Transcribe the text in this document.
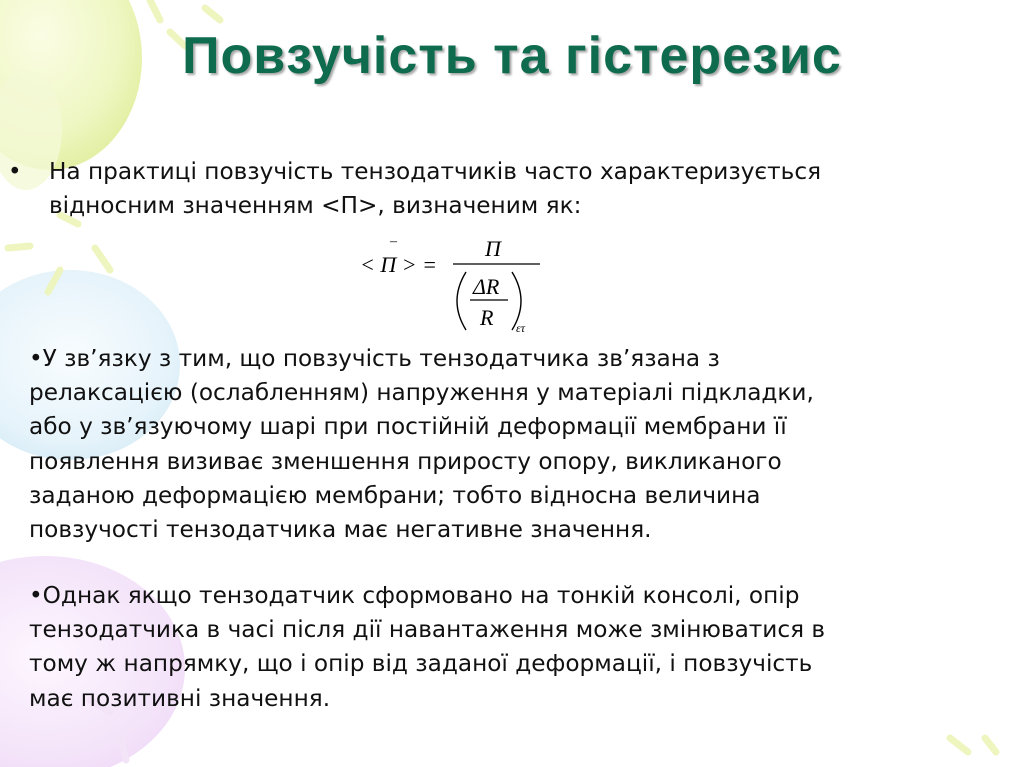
Повзучість та гістерезис
• На практиці повзучість тензодатчиків часто характеризується
відносним значенням <П>, визначеним як:
–
< П > =
П
ΔR
R ετ
•У зв’язку з тим, що повзучість тензодатчика зв’язана з
релаксацією (ослабленням) напруження у матеріалі підкладки,
або у зв’язуючому шарі при постійній деформації мембрани її
появлення визиває зменшення приросту опору, викликаного
заданою деформацією мембрани; тобто відносна величина
повзучості тензодатчика має негативне значення.
•Однак якщо тензодатчик сформовано на тонкій консолі, опір
тензодатчика в часі після дії навантаження може змінюватися в
тому ж напрямку, що і опір від заданої деформації, і повзучість
має позитивні значення.
